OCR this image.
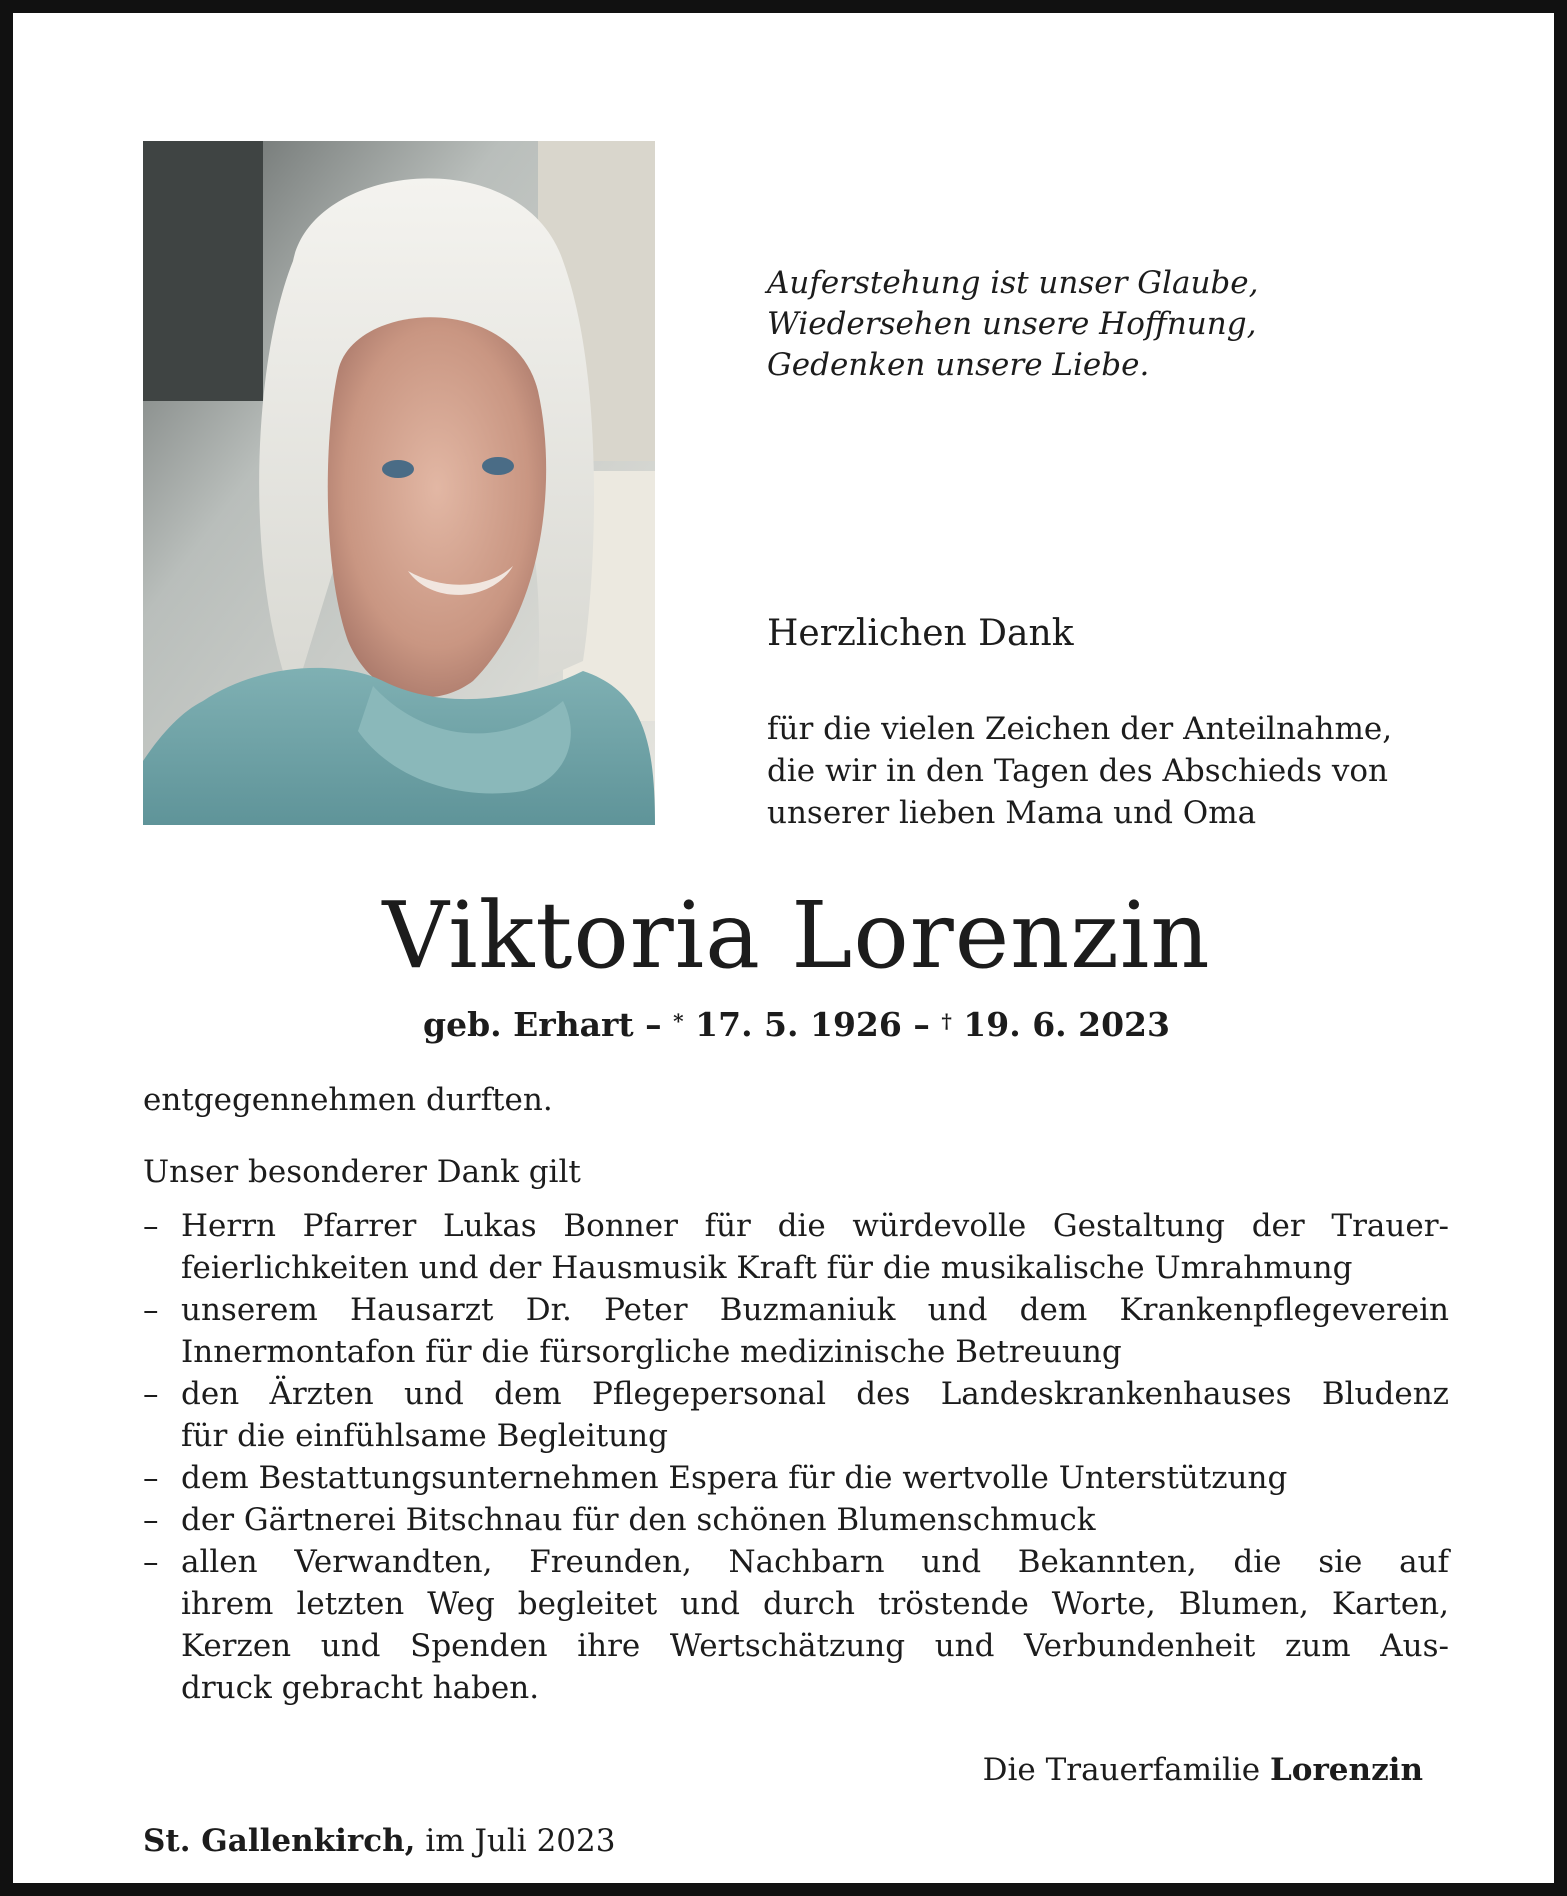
Auferstehung ist unser Glaube,
Wiedersehen unsere Hoffnung,
Gedenken unsere Liebe.
Herzlichen Dank
für die vielen Zeichen der Anteilnahme,
die wir in den Tagen des Abschieds von
unserer lieben Mama und Oma
Viktoria Lorenzin
geb. Erhart – * 17. 5. 1926 – † 19. 6. 2023
entgegennehmen durften.
Unser besonderer Dank gilt
– Herrn Pfarrer Lukas Bonner für die würdevolle Gestaltung der Trauer-
feierlichkeiten und der Hausmusik Kraft für die musikalische Umrahmung
– unserem Hausarzt Dr. Peter Buzmaniuk und dem Krankenpflegeverein
Innermontafon für die fürsorgliche medizinische Betreuung
– den Ärzten und dem Pflegepersonal des Landeskrankenhauses Bludenz
für die einfühlsame Begleitung
– dem Bestattungsunternehmen Espera für die wertvolle Unterstützung
– der Gärtnerei Bitschnau für den schönen Blumenschmuck
– allen Verwandten, Freunden, Nachbarn und Bekannten, die sie auf
ihrem letzten Weg begleitet und durch tröstende Worte, Blumen, Karten,
Kerzen und Spenden ihre Wertschätzung und Verbundenheit zum Aus-
druck gebracht haben.
Die Trauerfamilie Lorenzin
St. Gallenkirch, im Juli 2023
